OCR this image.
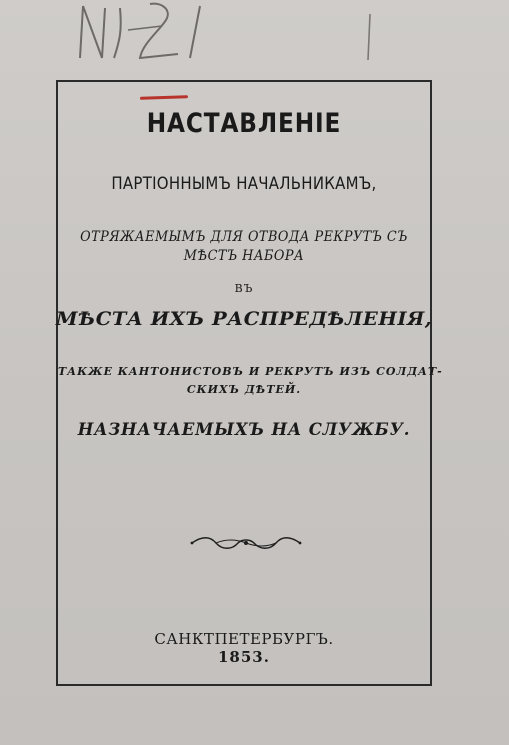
НАСТАВЛЕНIЕ
ПАРТIОННЫМЪ НАЧАЛЬНИКАМЪ,
ОТРЯЖАЕМЫМЪ ДЛЯ ОТВОДА РЕКРУТЪ СЪ
МѢСТЪ НАБОРА
ВЪ
МѢСТА ИХЪ РАСПРЕДѢЛЕНIЯ,
ТАКЖЕ КАНТОНИСТОВЪ И РЕКРУТЪ ИЗЪ СОЛДАТ-
СКИХЪ ДѢТЕЙ.
НАЗНАЧАЕМЫХЪ НА СЛУЖБУ.
САНКТПЕТЕРБУРГЪ.
1853.
